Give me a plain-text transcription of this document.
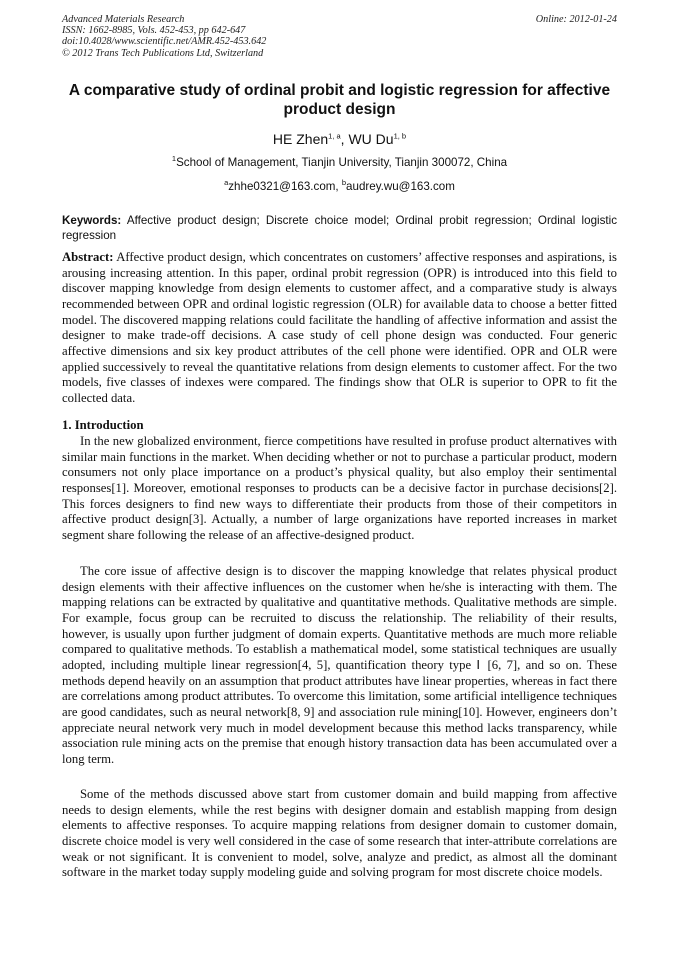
Advanced Materials Research
ISSN: 1662-8985, Vols. 452-453, pp 642-647
doi:10.4028/www.scientific.net/AMR.452-453.642
© 2012 Trans Tech Publications Ltd, Switzerland
Online: 2012-01-24
A comparative study of ordinal probit and logistic regression for affective product design
HE Zhen$^{1, a}$, WU Du$^{1, b}$
$^1$School of Management, Tianjin University, Tianjin 300072, China
$^a$zhhe0321@163.com, $^b$audrey.wu@163.com
Keywords: Affective product design; Discrete choice model; Ordinal probit regression; Ordinal logistic regression
Abstract: Affective product design, which concentrates on customers’ affective responses and aspirations, is arousing increasing attention. In this paper, ordinal probit regression (OPR) is introduced into this field to discover mapping knowledge from design elements to customer affect, and a comparative study is always recommended between OPR and ordinal logistic regression (OLR) for available data to choose a better fitted model. The discovered mapping relations could facilitate the handling of affective information and assist the designer to make trade-off decisions. A case study of cell phone design was conducted. Four generic affective dimensions and six key product attributes of the cell phone were identified. OPR and OLR were applied successively to reveal the quantitative relations from design elements to customer affect. For the two models, five classes of indexes were compared. The findings show that OLR is superior to OPR to fit the collected data.
1. Introduction
In the new globalized environment, fierce competitions have resulted in profuse product alternatives with similar main functions in the market. When deciding whether or not to purchase a particular product, modern consumers not only place importance on a product’s physical quality, but also employ their sentimental responses[1]. Moreover, emotional responses to products can be a decisive factor in purchase decisions[2]. This forces designers to find new ways to differentiate their products from those of their competitors in affective product design[3]. Actually, a number of large organizations have reported increases in market segment share following the release of an affective-designed product.
The core issue of affective design is to discover the mapping knowledge that relates physical product design elements with their affective influences on the customer when he/she is interacting with them. The mapping relations can be extracted by qualitative and quantitative methods. Qualitative methods are simple. For example, focus group can be recruited to discuss the relationship. The reliability of their results, however, is usually upon further judgment of domain experts. Quantitative methods are much more reliable compared to qualitative methods. To establish a mathematical model, some statistical techniques are usually adopted, including multiple linear regression[4, 5], quantification theory type Ⅰ [6, 7], and so on. These methods depend heavily on an assumption that product attributes have linear properties, whereas in fact there are correlations among product attributes. To overcome this limitation, some artificial intelligence techniques are good candidates, such as neural network[8, 9] and association rule mining[10]. However, engineers don’t appreciate neural network very much in model development because this method lacks transparency, while association rule mining acts on the premise that enough history transaction data has been accumulated over a long term.
Some of the methods discussed above start from customer domain and build mapping from affective needs to design elements, while the rest begins with designer domain and establish mapping from design elements to affective responses. To acquire mapping relations from designer domain to customer domain, discrete choice model is very well considered in the case of some research that inter-attribute correlations are weak or not significant. It is convenient to model, solve, analyze and predict, as almost all the dominant software in the market today supply modeling guide and solving program for most discrete choice models.
